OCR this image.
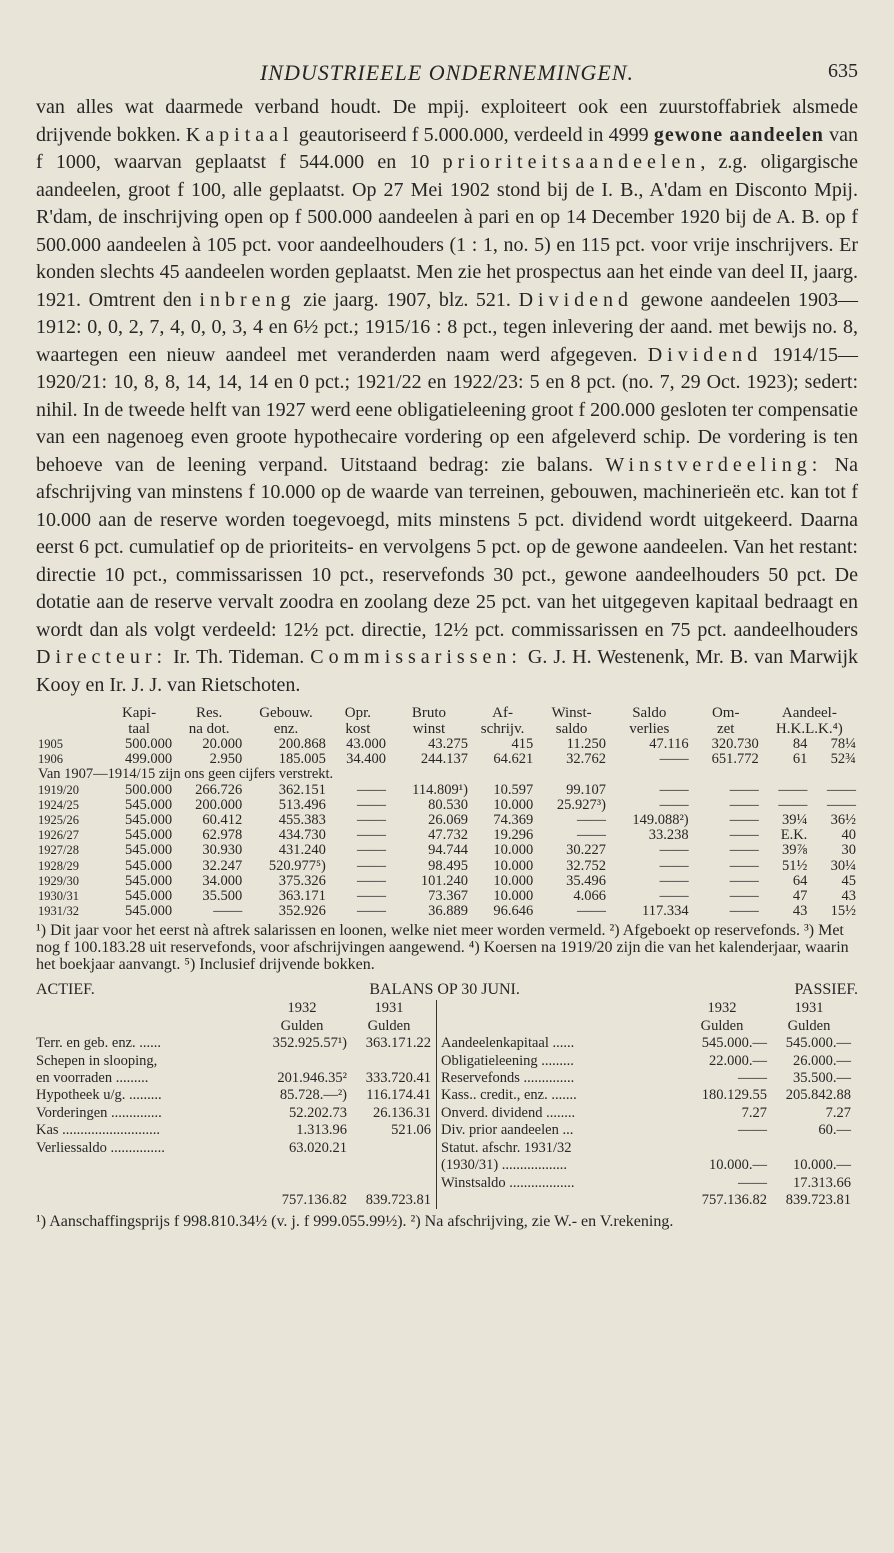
INDUSTRIEELE ONDERNEMINGEN.	635

van alles wat daarmede verband houdt. De mpij. exploiteert ook een zuurstoffabriek alsmede drijvende bokken. Kapitaal geautoriseerd f 5.000.000, verdeeld in 4999 gewone aandeelen van f 1000, waarvan geplaatst f 544.000 en 10 prioriteitsaandeelen, z.g. oligargische aandeelen, groot f 100, alle geplaatst. Op 27 Mei 1902 stond bij de I. B., A'dam en Disconto Mpij. R'dam, de inschrijving open op f 500.000 aandeelen à pari en op 14 December 1920 bij de A. B. op f 500.000 aandeelen à 105 pct. voor aandeelhouders (1 : 1, no. 5) en 115 pct. voor vrije inschrijvers. Er konden slechts 45 aandeelen worden geplaatst. Men zie het prospectus aan het einde van deel II, jaarg. 1921. Omtrent den inbreng zie jaarg. 1907, blz. 521. Dividend gewone aandeelen 1903—1912: 0, 0, 2, 7, 4, 0, 0, 3, 4 en 6½ pct.; 1915/16 : 8 pct., tegen inlevering der aand. met bewijs no. 8, waartegen een nieuw aandeel met veranderden naam werd afgegeven. Dividend 1914/15—1920/21: 10, 8, 8, 14, 14, 14 en 0 pct.; 1921/22 en 1922/23: 5 en 8 pct. (no. 7, 29 Oct. 1923); sedert: nihil. In de tweede helft van 1927 werd eene obligatieleening groot f 200.000 gesloten ter compensatie van een nagenoeg even groote hypothecaire vordering op een afgeleverd schip. De vordering is ten behoeve van de leening verpand. Uitstaand bedrag: zie balans. Winstverdeeling: Na afschrijving van minstens f 10.000 op de waarde van terreinen, gebouwen, machinerieën etc. kan tot f 10.000 aan de reserve worden toegevoegd, mits minstens 5 pct. dividend wordt uitgekeerd. Daarna eerst 6 pct. cumulatief op de prioriteits- en vervolgens 5 pct. op de gewone aandeelen. Van het restant: directie 10 pct., commissarissen 10 pct., reservefonds 30 pct., gewone aandeelhouders 50 pct. De dotatie aan de reserve vervalt zoodra en zoolang deze 25 pct. van het uitgegeven kapitaal bedraagt en wordt dan als volgt verdeeld: 12½ pct. directie, 12½ pct. commissarissen en 75 pct. aandeelhouders Directeur: Ir. Th. Tideman. Commissarissen: G. J. H. Westenenk, Mr. B. van Marwijk Kooy en Ir. J. J. van Rietschoten.

	Kapi-	Res.	Gebouw.	Opr.	Bruto	Af-	Winst-	Saldo	Om-	Aandeel-	
	taal	na dot.	enz.	kost	winst	schrijv.	saldo	verlies	zet	H.K.L.K.⁴)	
1905	500.000	20.000	200.868	43.000	43.275	415	11.250	47.116	320.730	84	78¼
1906	499.000	2.950	185.005	34.400	244.137	64.621	32.762	——	651.772	61	52¾
Van 1907—1914/15 zijn ons geen cijfers verstrekt.											
1919/20	500.000	266.726	362.151	——	114.809¹)	10.597	99.107	——	——	——	——
1924/25	545.000	200.000	513.496	——	80.530	10.000	25.927³)	——	——	——	——
1925/26	545.000	60.412	455.383	——	26.069	74.369	——	149.088²)	——	39¼	36½
1926/27	545.000	62.978	434.730	——	47.732	19.296	——	33.238	——	E.K.	40
1927/28	545.000	30.930	431.240	——	94.744	10.000	30.227	——	——	39⅞	30
1928/29	545.000	32.247	520.977⁵)	——	98.495	10.000	32.752	——	——	51½	30¼
1929/30	545.000	34.000	375.326	——	101.240	10.000	35.496	——	——	64	45
1930/31	545.000	35.500	363.171	——	73.367	10.000	4.066	——	——	47	43
1931/32	545.000	——	352.926	——	36.889	96.646	——	117.334	——	43	15½
¹) Dit jaar voor het eerst nà aftrek salarissen en loonen, welke niet meer worden vermeld. ²) Afgeboekt op reservefonds. ³) Met nog f 100.183.28 uit reservefonds, voor afschrijvingen aangewend. ⁴) Koersen na 1919/20 zijn die van het kalenderjaar, waarin het boekjaar aanvangt. ⁵) Inclusief drijvende bokken.
ACTIEF.	BALANS OP 30 JUNI.	PASSIEF.
1932	1931
Gulden	Gulden
Terr. en geb. enz. ......	352.925.57¹)	363.171.22
Schepen in slooping,
en voorraden .........	201.946.35²	333.720.41
Hypotheek u/g. .........	85.728.—²)	116.174.41
Vorderingen ..............	52.202.73	26.136.31
Kas ...........................	1.313.96	521.06
Verliessaldo ...............	63.020.21
757.136.82	839.723.81
1932	1931
Gulden	Gulden
Aandeelenkapitaal ......	545.000.—	545.000.—
Obligatieleening .........	22.000.—	26.000.—
Reservefonds ..............	——	35.500.—
Kass.. credit., enz. .......	180.129.55	205.842.88
Onverd. dividend ........	7.27	7.27
Div. prior aandeelen ...	——	60.—
Statut. afschr. 1931/32
(1930/31) ..................	10.000.—	10.000.—
Winstsaldo ..................	——	17.313.66
757.136.82	839.723.81
¹) Aanschaffingsprijs f 998.810.34½ (v. j. f 999.055.99½). ²) Na afschrijving, zie W.- en V.rekening.
